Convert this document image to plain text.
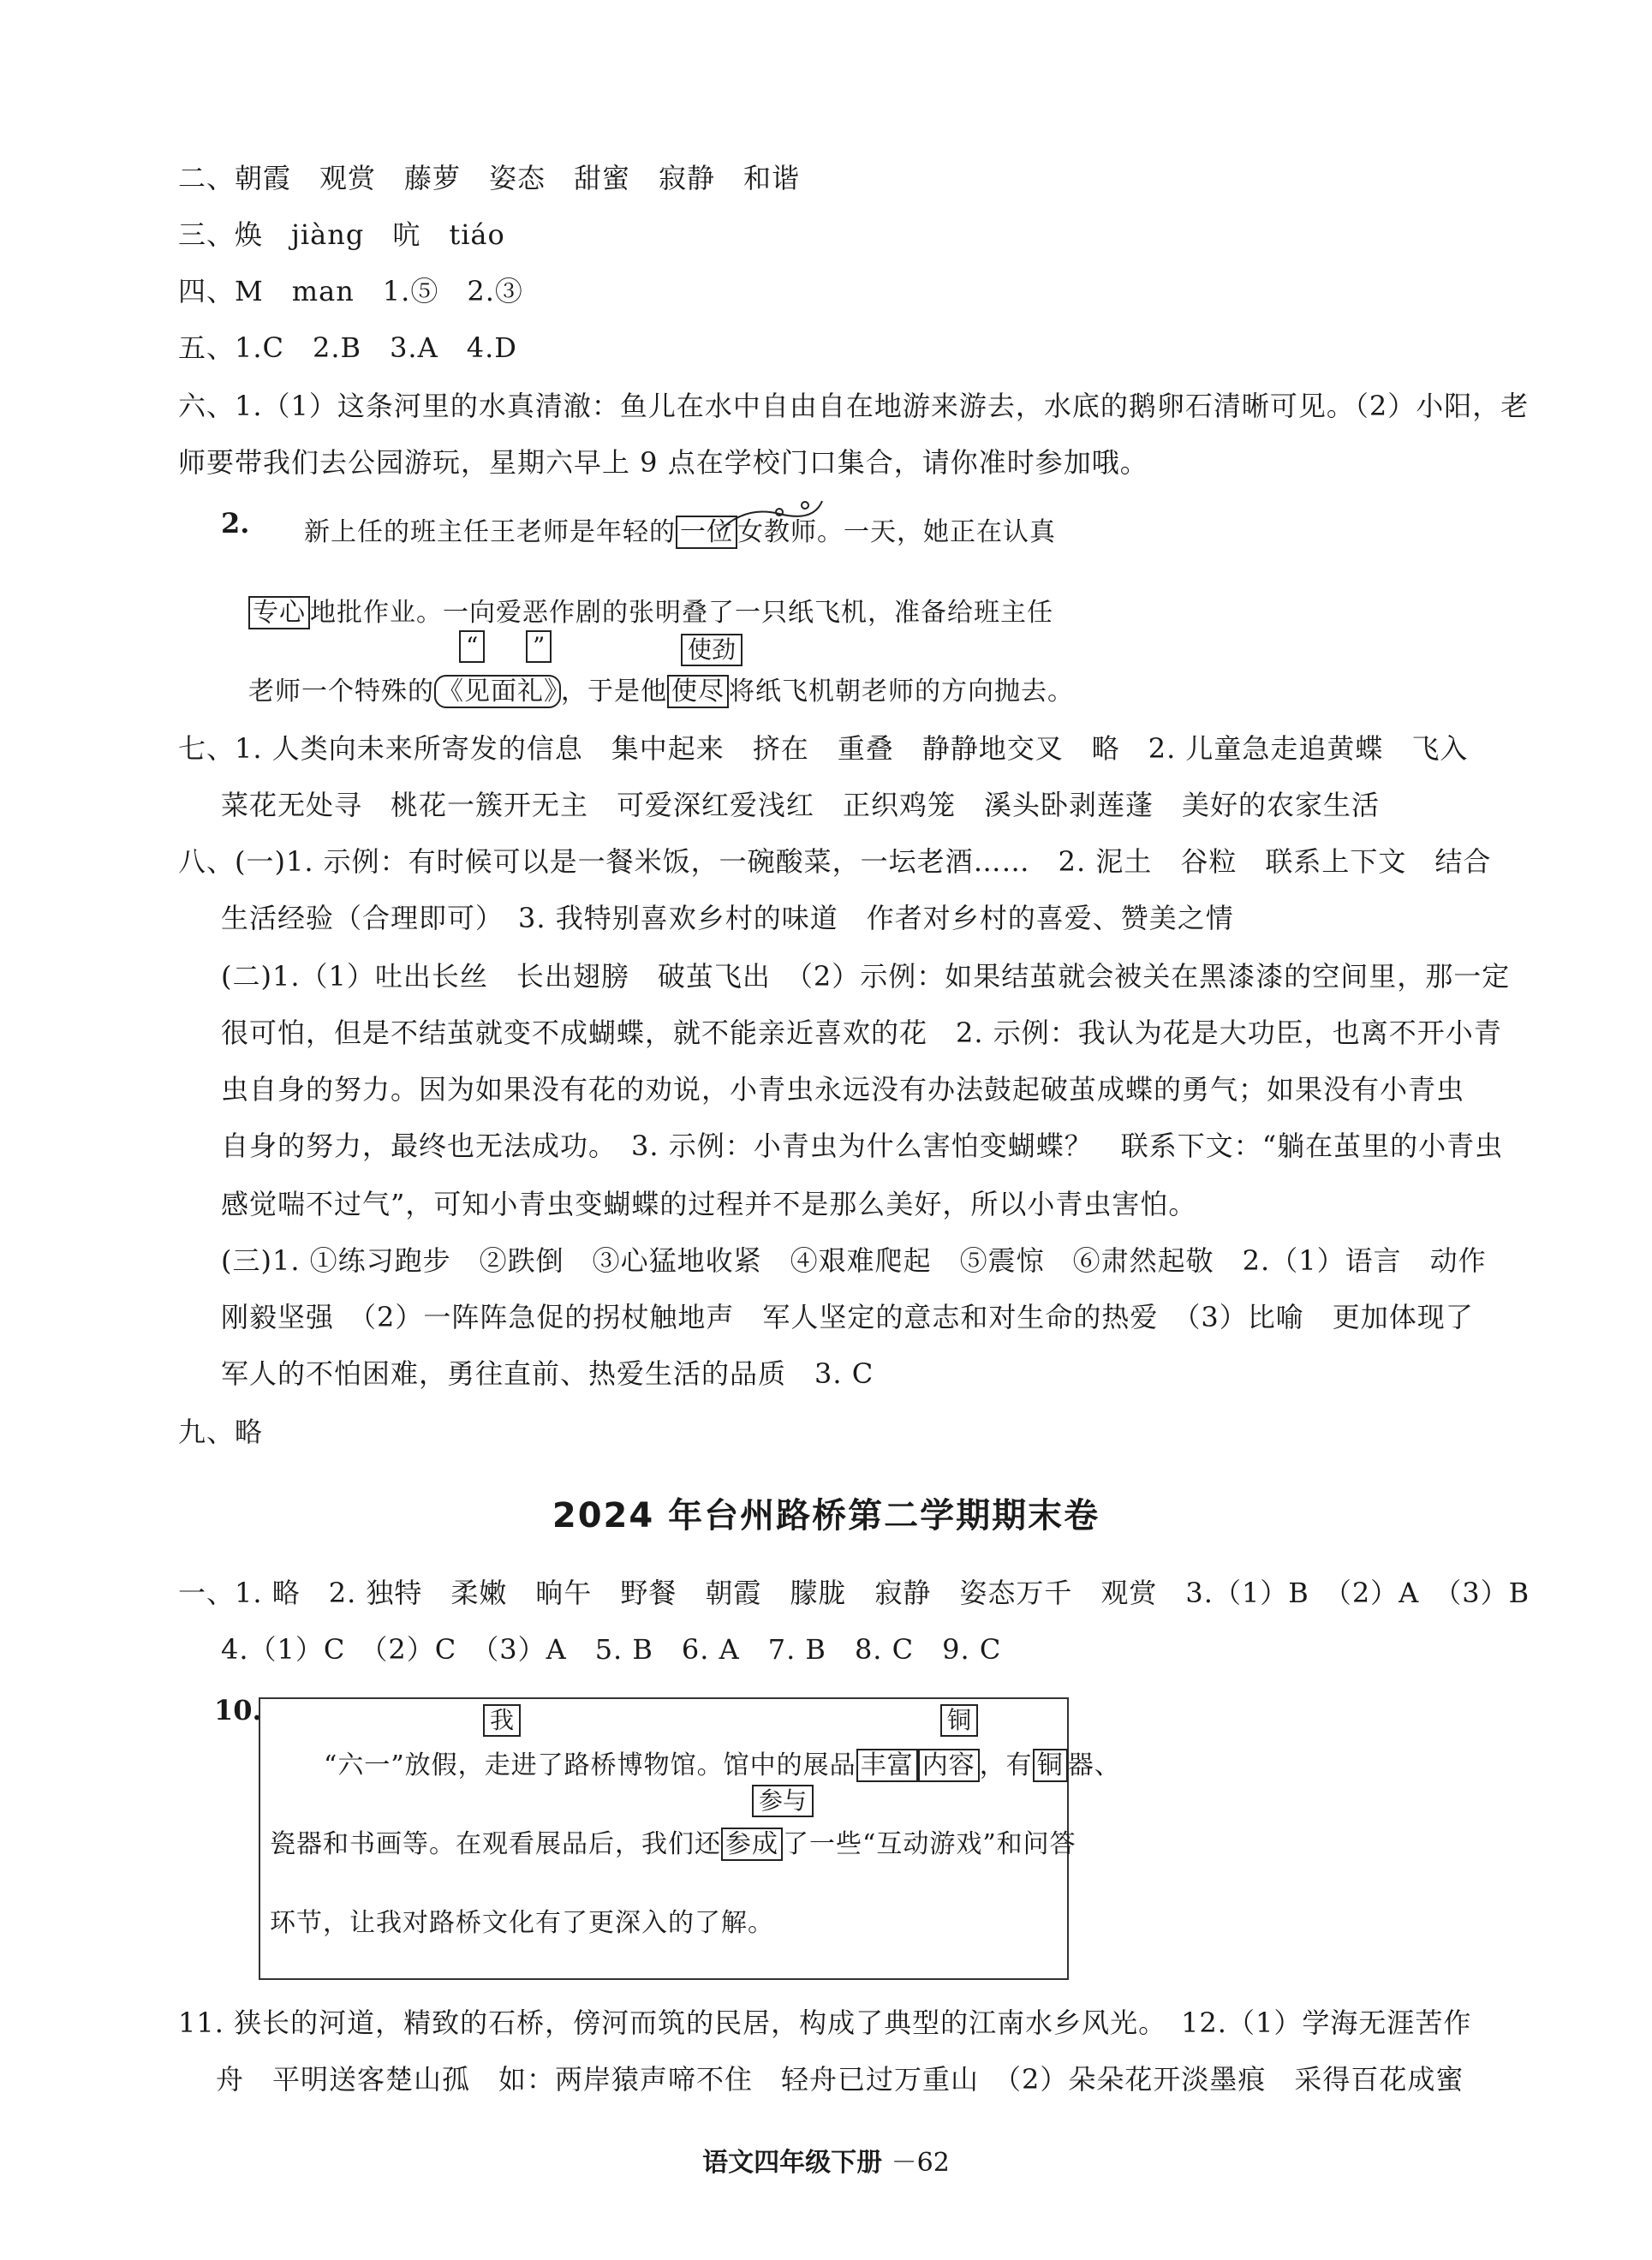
二、朝霞　观赏　藤萝　姿态　甜蜜　寂静　和谐
三、焕　jiàng　吭　tiáo
四、M　man　1.⑤　2.③
五、1.C　2.B　3.A　4.D
六、1.（1）这条河里的水真清澈：鱼儿在水中自由自在地游来游去，水底的鹅卵石清晰可见。（2）小阳，老
师要带我们去公园游玩，星期六早上 9 点在学校门口集合，请你准时参加哦。
2. 新上任的班主任王老师是年轻的 一位 女教师。一天，她正在认真
专心 地批作业。一向爱恶作剧的张明叠了一只纸飞机，准备给班主任
“ ”	使劲
老师一个特殊的 《见面礼》 ，于是他 使尽 将纸飞机朝老师的方向抛去。
七、1. 人类向未来所寄发的信息　集中起来　挤在　重叠　静静地交叉　略　2. 儿童急走追黄蝶　飞入
菜花无处寻　桃花一簇开无主　可爱深红爱浅红　正织鸡笼　溪头卧剥莲蓬　美好的农家生活
八、(一)1. 示例：有时候可以是一餐米饭，一碗酸菜，一坛老酒……　2. 泥土　谷粒　联系上下文　结合
生活经验（合理即可）　3. 我特别喜欢乡村的味道　作者对乡村的喜爱、赞美之情
(二)1.（1）吐出长丝　长出翅膀　破茧飞出　（2）示例：如果结茧就会被关在黑漆漆的空间里，那一定
很可怕，但是不结茧就变不成蝴蝶，就不能亲近喜欢的花　2. 示例：我认为花是大功臣，也离不开小青
虫自身的努力。因为如果没有花的劝说，小青虫永远没有办法鼓起破茧成蝶的勇气；如果没有小青虫
自身的努力，最终也无法成功。　3. 示例：小青虫为什么害怕变蝴蝶？　联系下文：“躺在茧里的小青虫
感觉喘不过气”，可知小青虫变蝴蝶的过程并不是那么美好，所以小青虫害怕。
(三)1. ①练习跑步　②跌倒　③心猛地收紧　④艰难爬起　⑤震惊　⑥肃然起敬　2.（1）语言　动作
刚毅坚强　（2）一阵阵急促的拐杖触地声　军人坚定的意志和对生命的热爱　（3）比喻　更加体现了
军人的不怕困难，勇往直前、热爱生活的品质　3. C
九、略
2024 年台州路桥第二学期期末卷
一、1. 略　2. 独特　柔嫩　晌午　野餐　朝霞　朦胧　寂静　姿态万千　观赏　3.（1）B　（2）A　（3）B
4.（1）C　（2）C　（3）A　5. B　6. A　7. B　8. C　9. C
10.	我	铜
“六一”放假，走进了路桥博物馆。馆中的展品 丰富 内容 ，有 铜 器、
参与
瓷器和书画等。在观看展品后，我们还 参成 了一些“互动游戏”和问答
环节，让我对路桥文化有了更深入的了解。
11. 狭长的河道，精致的石桥，傍河而筑的民居，构成了典型的江南水乡风光。　12.（1）学海无涯苦作
舟　平明送客楚山孤　如：两岸猿声啼不住　轻舟已过万重山　（2）朵朵花开淡墨痕　采得百花成蜜
语文四年级下册 －62
